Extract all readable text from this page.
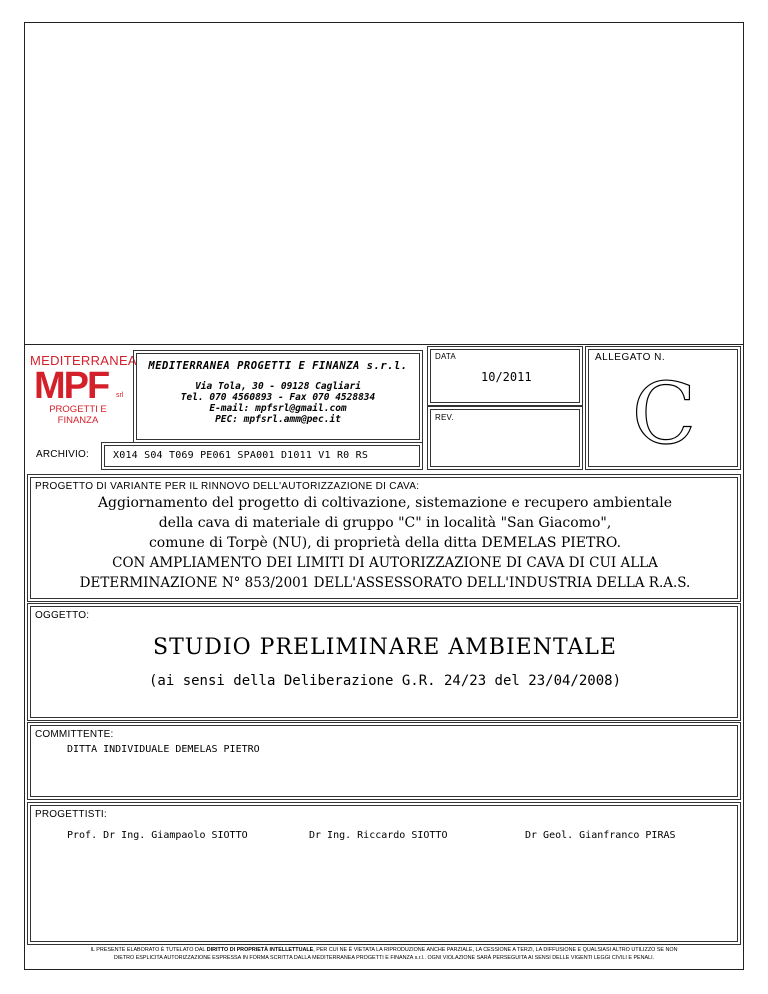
MEDITERRANEA
MPF srl
PROGETTI E FINANZA
MEDITERRANEA PROGETTI E FINANZA s.r.l.
Via Tola, 30 - 09128 Cagliari
Tel. 070 4560893 - Fax 070 4528834
E-mail: mpfsrl@gmail.com
PEC: mpfsrl.amm@pec.it
DATA
10/2011
REV.
ALLEGATO N.
C
ARCHIVIO: X014 S04 T069 PE061 SPA001 D1011 V1 R0 RS
PROGETTO DI VARIANTE PER IL RINNOVO DELL'AUTORIZZAZIONE DI CAVA:
Aggiornamento del progetto di coltivazione, sistemazione e recupero ambientale
della cava di materiale di gruppo "C" in località "San Giacomo",
comune di Torpè (NU), di proprietà della ditta DEMELAS PIETRO.
CON AMPLIAMENTO DEI LIMITI DI AUTORIZZAZIONE DI CAVA DI CUI ALLA
DETERMINAZIONE N° 853/2001 DELL'ASSESSORATO DELL'INDUSTRIA DELLA R.A.S.
OGGETTO:
STUDIO PRELIMINARE AMBIENTALE
(ai sensi della Deliberazione G.R. 24/23 del 23/04/2008)
COMMITTENTE:
DITTA INDIVIDUALE DEMELAS PIETRO
PROGETTISTI:
Prof. Dr Ing. Giampaolo SIOTTO	Dr Ing. Riccardo SIOTTO	Dr Geol. Gianfranco PIRAS
IL PRESENTE ELABORATO È TUTELATO DAL DIRITTO DI PROPRIETÀ INTELLETTUALE, PER CUI NE È VIETATA LA RIPRODUZIONE ANCHE PARZIALE, LA CESSIONE A TERZI, LA DIFFUSIONE E QUALSIASI ALTRO UTILIZZO SE NON
DIETRO ESPLICITA AUTORIZZAZIONE ESPRESSA IN FORMA SCRITTA DALLA MEDITERRANEA PROGETTI E FINANZA s.r.l.. OGNI VIOLAZIONE SARÀ PERSEGUITA AI SENSI DELLE VIGENTI LEGGI CIVILI E PENALI.
